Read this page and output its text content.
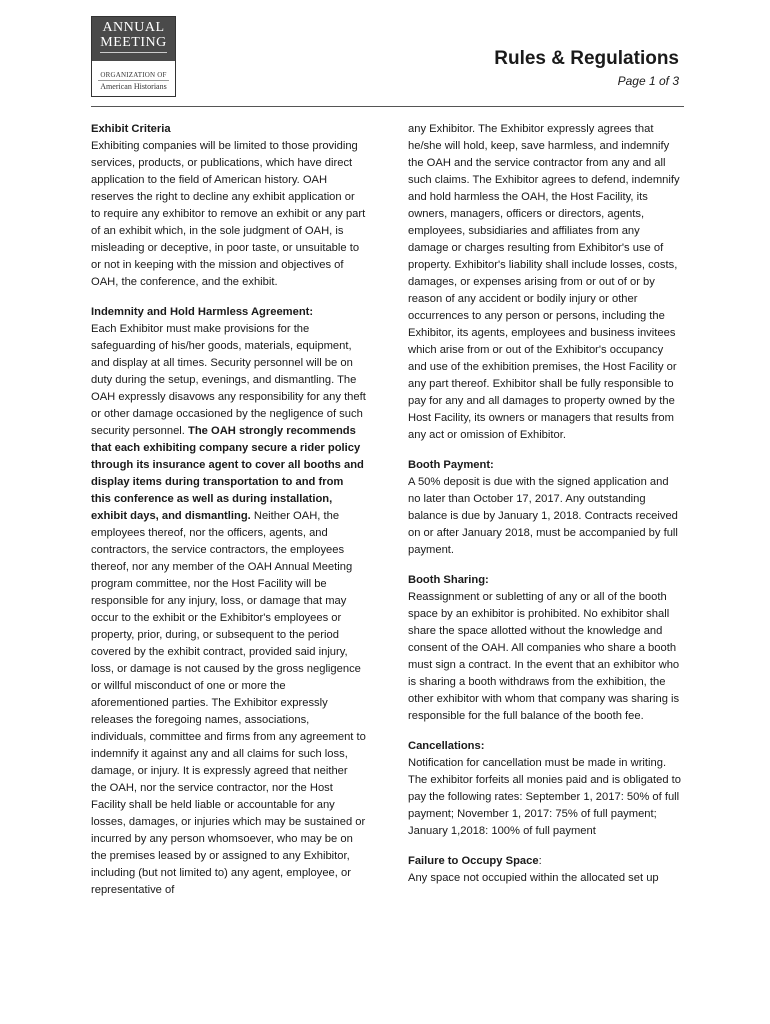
ANNUAL
MEETING
ORGANIZATION OF
American Historians
Rules & Regulations
Page 1 of 3
Exhibit Criteria

Exhibiting companies will be limited to those providing services, products, or publications, which have direct application to the field of American history. OAH reserves the right to decline any exhibit application or to require any exhibitor to remove an exhibit or any part of an exhibit which, in the sole judgment of OAH, is misleading or deceptive, in poor taste, or unsuitable to or not in keeping with the mission and objectives of OAH, the conference, and the exhibit.

Indemnity and Hold Harmless Agreement:

Each Exhibitor must make provisions for the safeguarding of his/her goods, materials, equipment, and display at all times. Security personnel will be on duty during the setup, evenings, and dismantling. The OAH expressly disavows any responsibility for any theft or other damage occasioned by the negligence of such security personnel. The OAH strongly recommends that each exhibiting company secure a rider policy through its insurance agent to cover all booths and display items during transportation to and from this conference as well as during installation, exhibit days, and dismantling. Neither OAH, the employees thereof, nor the officers, agents, and contractors, the service contractors, the employees thereof, nor any member of the OAH Annual Meeting program committee, nor the Host Facility will be responsible for any injury, loss, or damage that may occur to the exhibit or the Exhibitor's employees or property, prior, during, or subsequent to the period covered by the exhibit contract, provided said injury, loss, or damage is not caused by the gross negligence or willful misconduct of one or more the aforementioned parties. The Exhibitor expressly releases the foregoing names, associations, individuals, committee and firms from any agreement to indemnify it against any and all claims for such loss, damage, or injury. It is expressly agreed that neither the OAH, nor the service contractor, nor the Host Facility shall be held liable or accountable for any losses, damages, or injuries which may be sustained or incurred by any person whomsoever, who may be on the premises leased by or assigned to any Exhibitor, including (but not limited to) any agent, employee, or representative of

any Exhibitor. The Exhibitor expressly agrees that he/she will hold, keep, save harmless, and indemnify the OAH and the service contractor from any and all such claims. The Exhibitor agrees to defend, indemnify and hold harmless the OAH, the Host Facility, its owners, managers, officers or directors, agents, employees, subsidiaries and affiliates from any damage or charges resulting from Exhibitor's use of property. Exhibitor's liability shall include losses, costs, damages, or expenses arising from or out of or by reason of any accident or bodily injury or other occurrences to any person or persons, including the Exhibitor, its agents, employees and business invitees which arise from or out of the Exhibitor's occupancy and use of the exhibition premises, the Host Facility or any part thereof. Exhibitor shall be fully responsible to pay for any and all damages to property owned by the Host Facility, its owners or managers that results from any act or omission of Exhibitor.

Booth Payment:

A 50% deposit is due with the signed application and no later than October 17, 2017. Any outstanding balance is due by January 1, 2018. Contracts received on or after January 2018, must be accompanied by full payment.

Booth Sharing:

Reassignment or subletting of any or all of the booth space by an exhibitor is prohibited. No exhibitor shall share the space allotted without the knowledge and consent of the OAH. All companies who share a booth must sign a contract. In the event that an exhibitor who is sharing a booth withdraws from the exhibition, the other exhibitor with whom that company was sharing is responsible for the full balance of the booth fee.

Cancellations:

Notification for cancellation must be made in writing. The exhibitor forfeits all monies paid and is obligated to pay the following rates: September 1, 2017: 50% of full payment; November 1, 2017: 75% of full payment; January 1,2018: 100% of full payment

Failure to Occupy Space:

Any space not occupied within the allocated set up
